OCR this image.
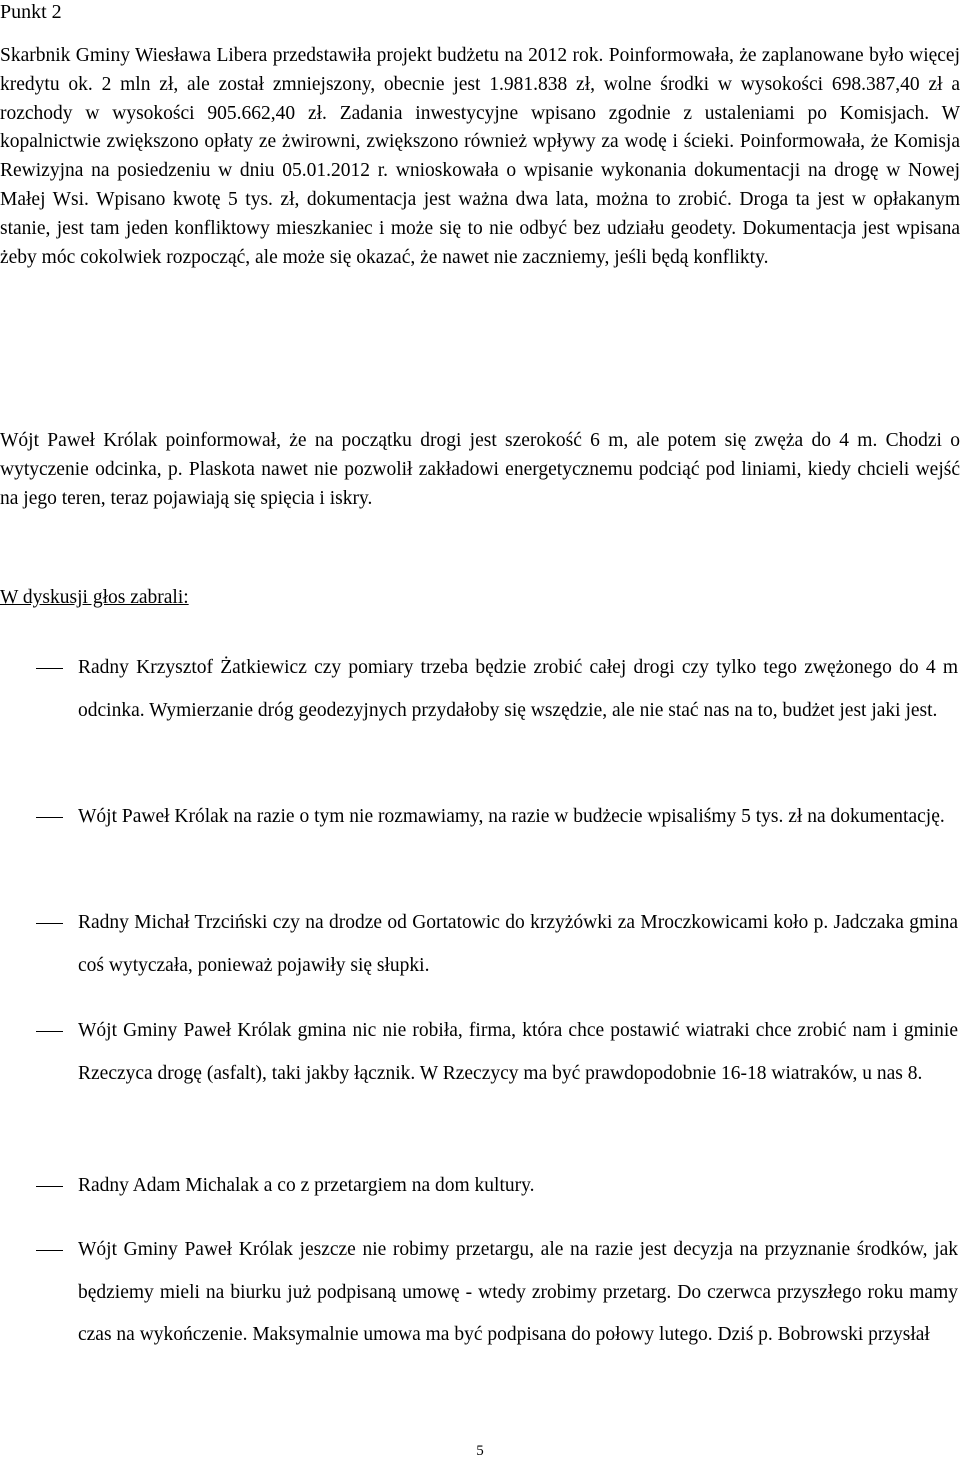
Punkt 2

Skarbnik Gminy Wiesława Libera przedstawiła projekt budżetu na 2012 rok. Poinformowała, że zaplanowane było więcej kredytu ok. 2 mln zł, ale został zmniejszony, obecnie jest 1.981.838 zł, wolne środki w wysokości 698.387,40 zł a rozchody w wysokości 905.662,40 zł. Zadania inwestycyjne wpisano zgodnie z ustaleniami po Komisjach. W kopalnictwie zwiększono opłaty ze żwirowni, zwiększono również wpływy za wodę i ścieki. Poinformowała, że Komisja Rewizyjna na posiedzeniu w dniu 05.01.2012 r. wnioskowała o wpisanie wykonania dokumentacji na drogę w Nowej Małej Wsi. Wpisano kwotę 5 tys. zł, dokumentacja jest ważna dwa lata, można to zrobić. Droga ta jest w opłakanym stanie, jest tam jeden konfliktowy mieszkaniec i może się to nie odbyć bez udziału geodety. Dokumentacja jest wpisana żeby móc cokolwiek rozpocząć, ale może się okazać, że nawet nie zaczniemy, jeśli będą konflikty.

W dyskusji głos zabrali:

Wójt Paweł Królak poinformował, że na początku drogi jest szerokość 6 m, ale potem się zwęża do 4 m. Chodzi o wytyczenie odcinka, p. Plaskota nawet nie pozwolił zakładowi energetycznemu podciąć pod liniami, kiedy chcieli wejść na jego teren, teraz pojawiają się spięcia i iskry.

Radny Krzysztof Żatkiewicz czy pomiary trzeba będzie zrobić całej drogi czy tylko tego zwężonego do 4 m odcinka. Wymierzanie dróg geodezyjnych przydałoby się wszędzie, ale nie stać nas na to, budżet jest jaki jest.

Wójt Paweł Królak na razie o tym nie rozmawiamy, na razie w budżecie wpisaliśmy 5 tys. zł na dokumentację.

Radny Michał Trzciński czy na drodze od Gortatowic do krzyżówki za Mroczkowicami koło p. Jadczaka gmina coś wytyczała, ponieważ pojawiły się słupki.

Wójt Gminy Paweł Królak gmina nic nie robiła, firma, która chce postawić wiatraki chce zrobić nam i gminie Rzeczyca drogę (asfalt), taki jakby łącznik. W Rzeczycy ma być prawdopodobnie 16-18 wiatraków, u nas 8.

Radny Adam Michalak a co z przetargiem na dom kultury.

Wójt Gminy Paweł Królak jeszcze nie robimy przetargu, ale na razie jest decyzja na przyznanie środków, jak będziemy mieli na biurku już podpisaną umowę - wtedy zrobimy przetarg. Do czerwca przyszłego roku mamy czas na wykończenie. Maksymalnie umowa ma być podpisana do połowy lutego. Dziś p. Bobrowski przysłał

5
